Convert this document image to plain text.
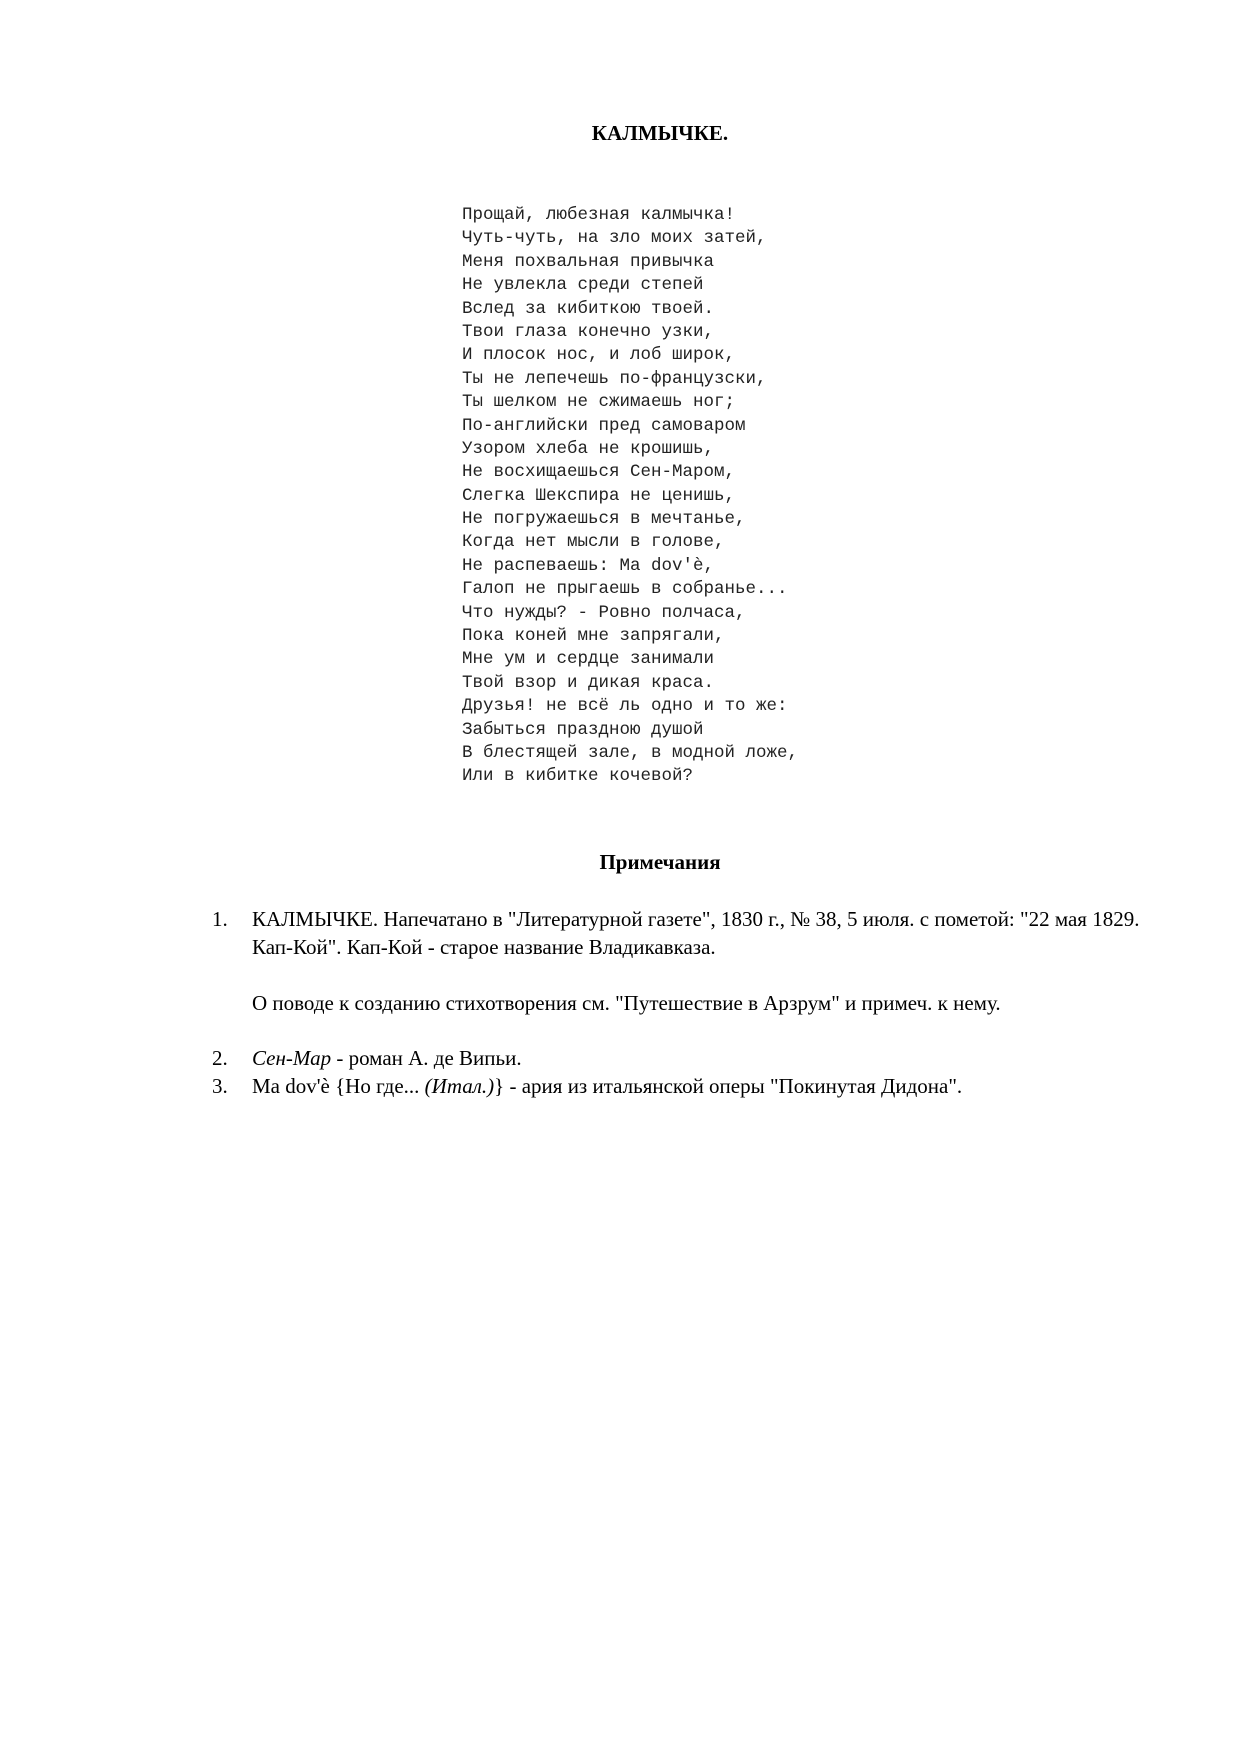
КАЛМЫЧКЕ.
Прощай, любезная калмычка!
Чуть-чуть, на зло моих затей,
Меня похвальная привычка
Не увлекла среди степей
Вслед за кибиткою твоей.
Твои глаза конечно узки,
И плосок нос, и лоб широк,
Ты не лепечешь по-французски,
Ты шелком не сжимаешь ног;
По-английски пред самоваром
Узором хлеба не крошишь,
Не восхищаешься Сен-Маром,
Слегка Шекспира не ценишь,
Не погружаешься в мечтанье,
Когда нет мысли в голове,
Не распеваешь: Ma dov'è,
Галоп не прыгаешь в собранье...
Что нужды? - Ровно полчаса,
Пока коней мне запрягали,
Мне ум и сердце занимали
Твой взор и дикая краса.
Друзья! не всё ль одно и то же:
Забыться праздною душой
В блестящей зале, в модной ложе,
Или в кибитке кочевой?
Примечания
1. КАЛМЫЧКЕ. Напечатано в "Литературной газете", 1830 г., № 38, 5 июля. с пометой: "22 мая 1829. Кап-Кой". Кап-Кой - старое название Владикавказа.
О поводе к созданию стихотворения см. "Путешествие в Арзрум" и примеч. к нему.
2. Сен-Мар - роман А. де Випьи.
3. Ma dov'è {Но где... (Итал.)} - ария из итальянской оперы "Покинутая Дидона".
